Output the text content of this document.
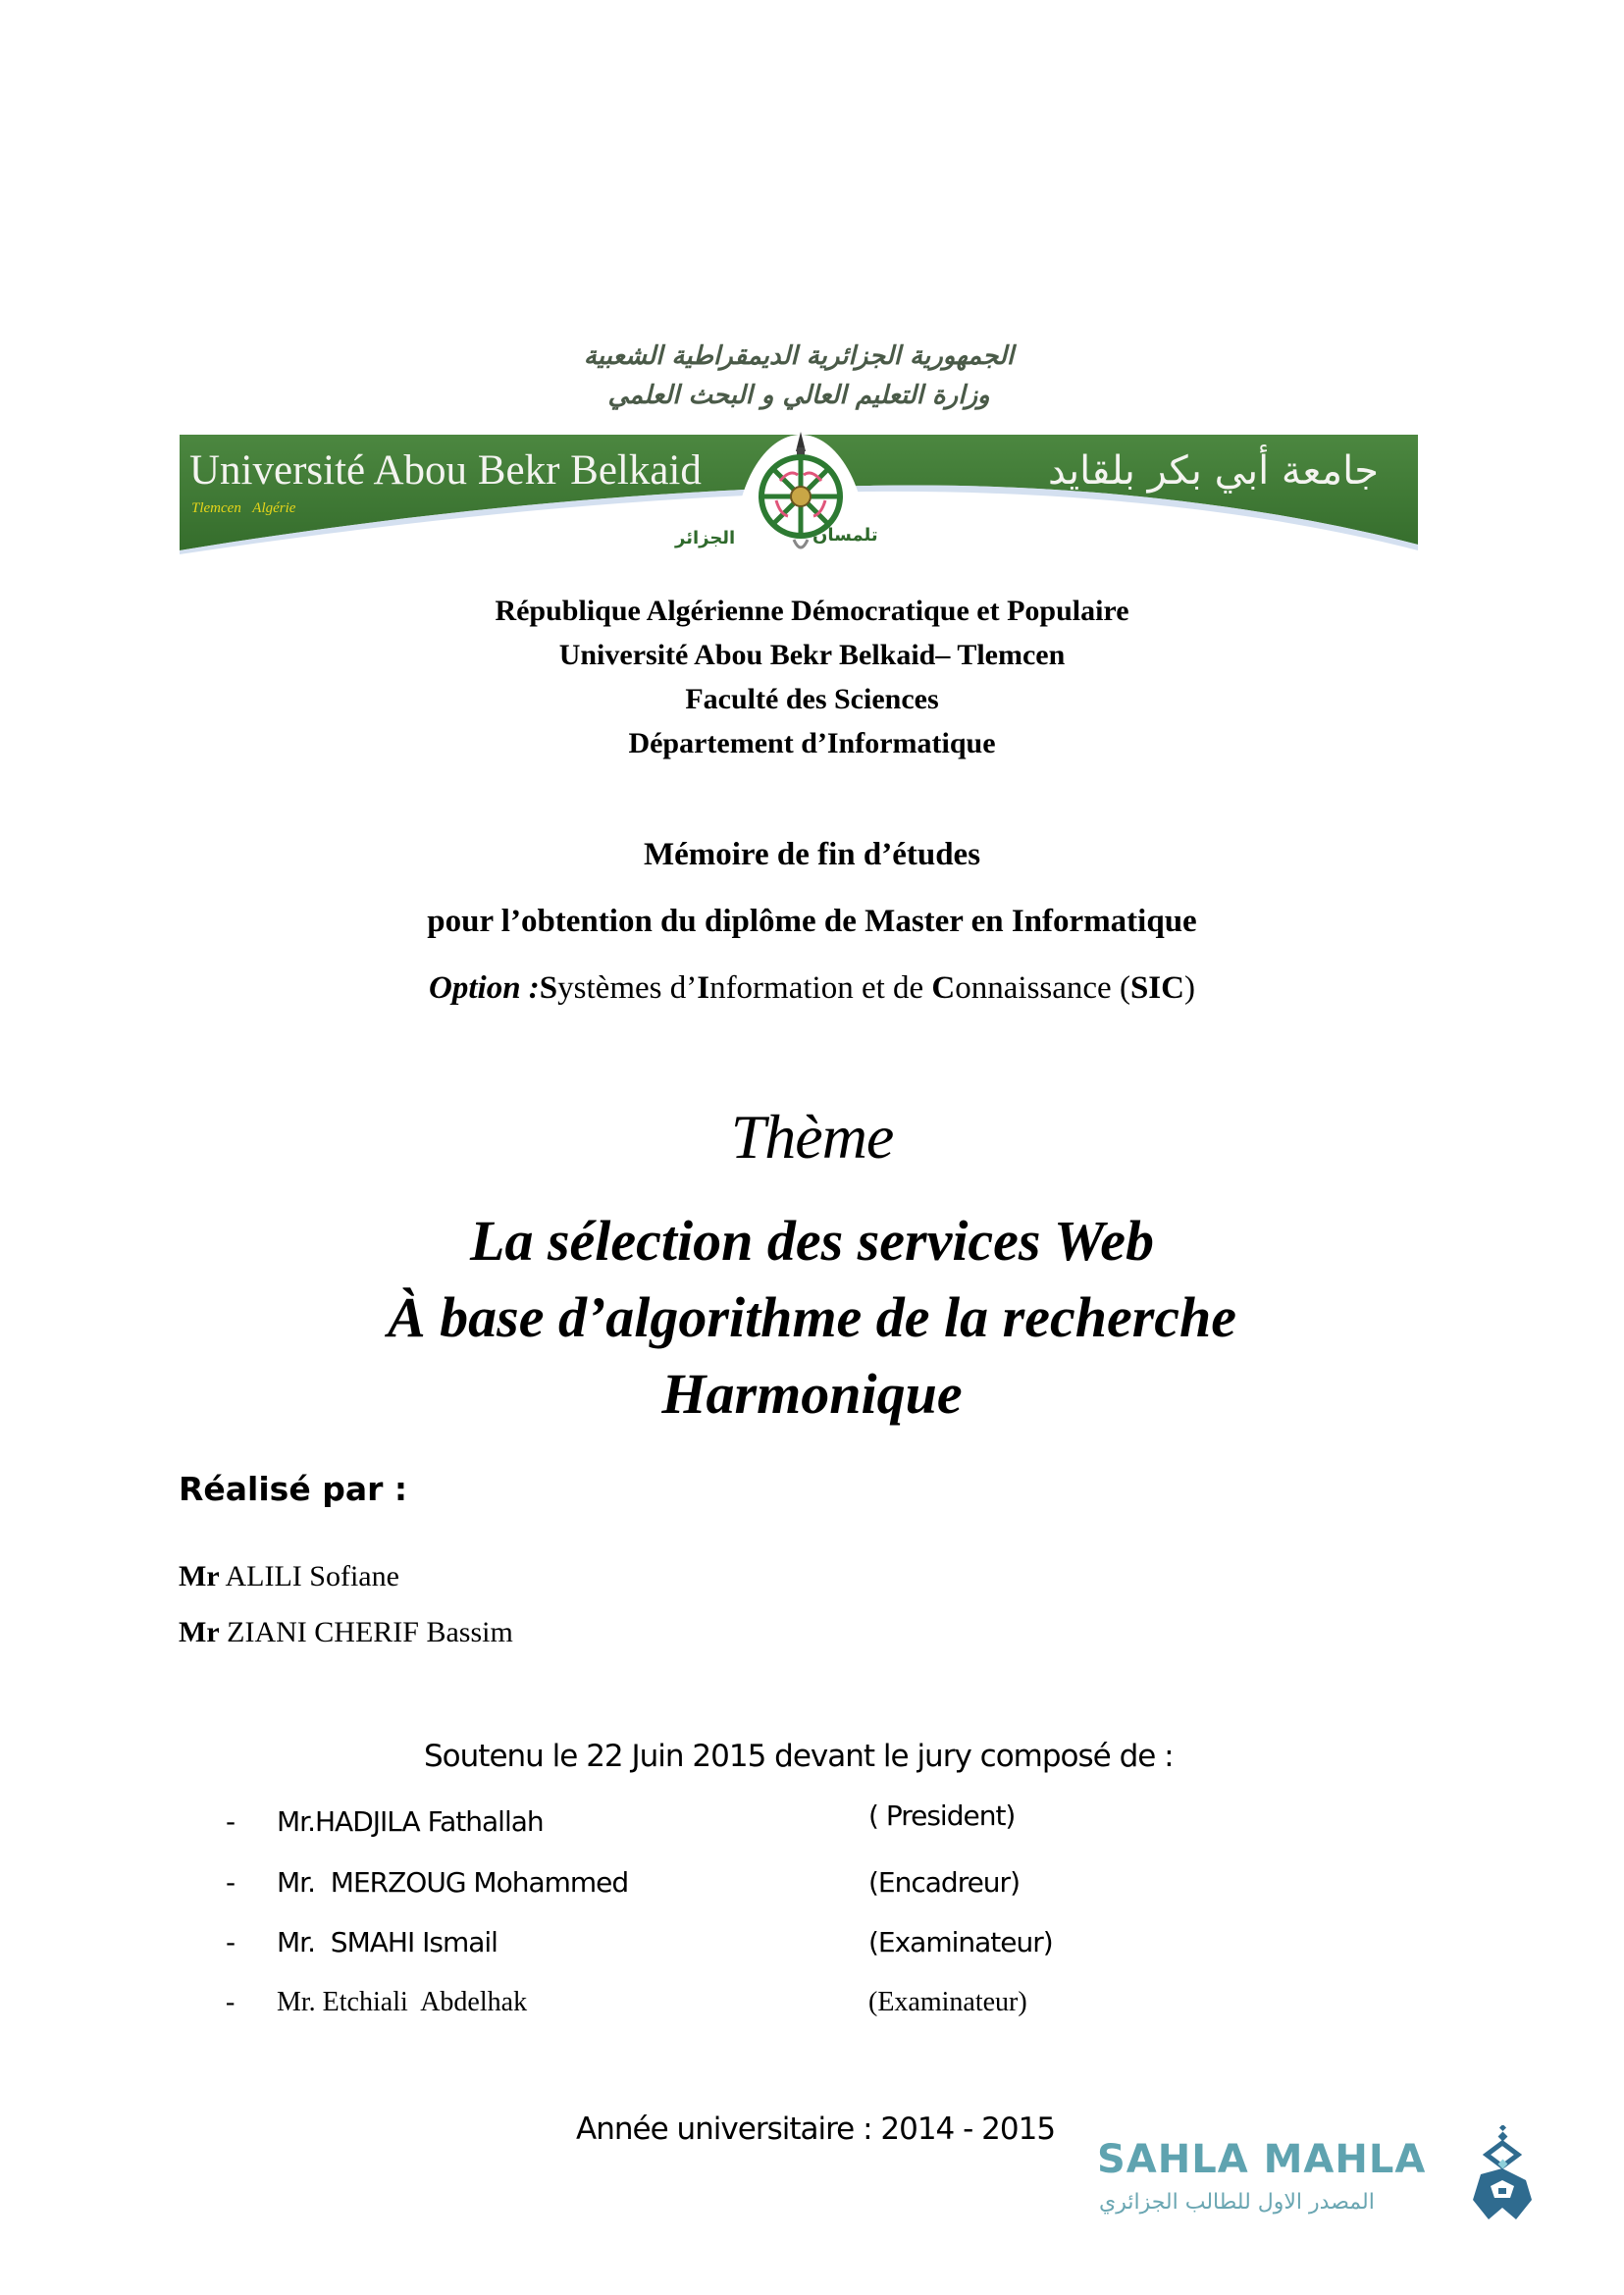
الجمهورية الجزائرية الديمقراطية الشعبية
وزارة التعليم العالي و البحث العلمي
Université Abou Bekr Belkaid
Tlemcen Algérie
جامعة أبي بكر بلقايد
تلمسان
الجزائر
République Algérienne Démocratique et Populaire
Université Abou Bekr Belkaid– Tlemcen
Faculté des Sciences
Département d’Informatique
Mémoire de fin d’études
pour l’obtention du diplôme de Master en Informatique
Option :Systèmes d’Information et de Connaissance (SIC)
Thème
La sélection des services Web
À base d’algorithme de la recherche
Harmonique
Réalisé par :
Mr ALILI Sofiane
Mr ZIANI CHERIF Bassim
Soutenu le 22 Juin 2015 devant le jury composé de :
- Mr.HADJILA Fathallah	( President)
- Mr.  MERZOUG Mohammed	(Encadreur)
- Mr.  SMAHI Ismail	(Examinateur)
- Mr. Etchiali  Abdelhak	(Examinateur)
Année universitaire : 2014 - 2015
SAHLA MAHLA
المصدر الاول للطالب الجزائري
